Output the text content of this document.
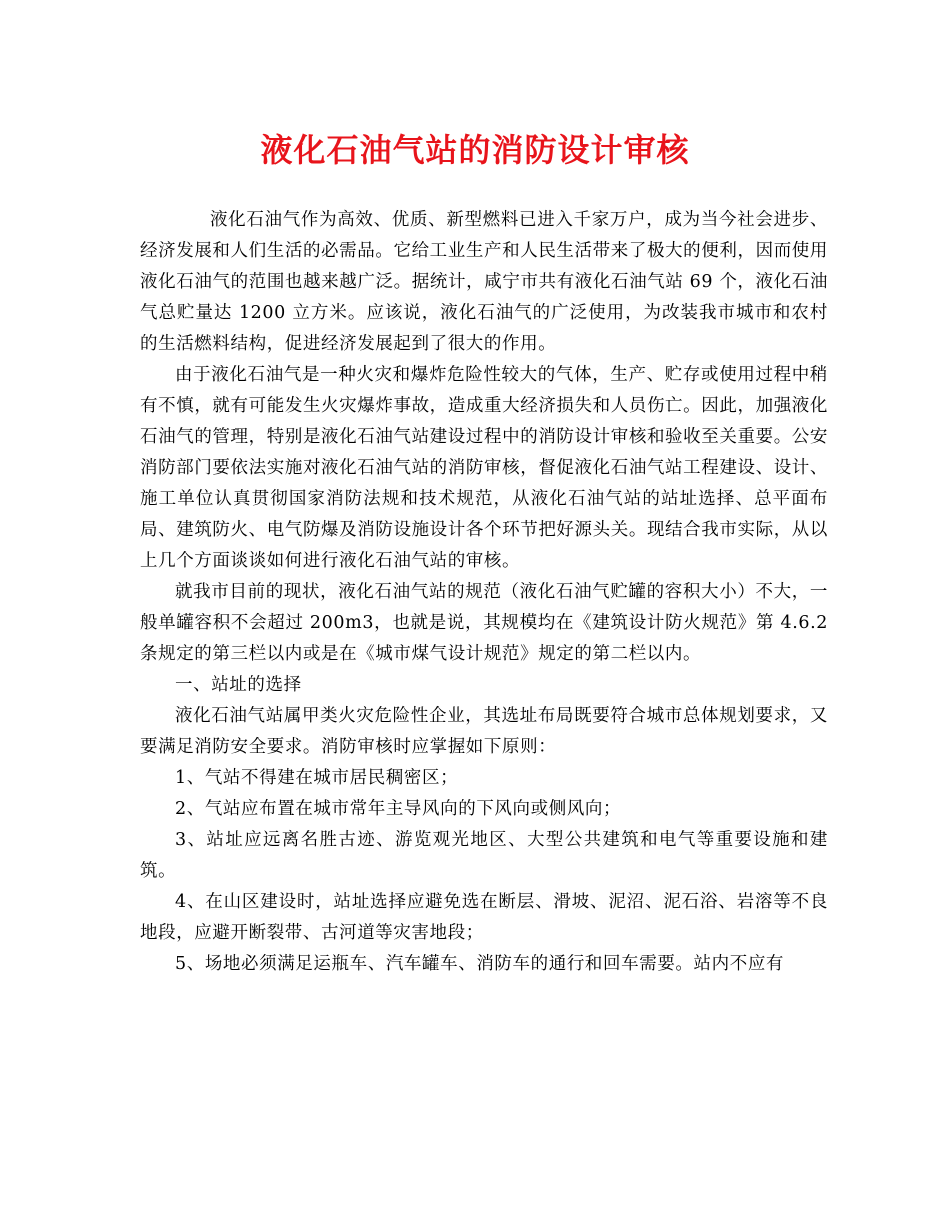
液化石油气站的消防设计审核

液化石油气作为高效、优质、新型燃料已进入千家万户，成为当今社会进步、经济发展和人们生活的必需品。它给工业生产和人民生活带来了极大的便利，因而使用液化石油气的范围也越来越广泛。据统计，咸宁市共有液化石油气站 69 个，液化石油气总贮量达 1200 立方米。应该说，液化石油气的广泛使用，为改装我市城市和农村的生活燃料结构，促进经济发展起到了很大的作用。

由于液化石油气是一种火灾和爆炸危险性较大的气体，生产、贮存或使用过程中稍有不慎，就有可能发生火灾爆炸事故，造成重大经济损失和人员伤亡。因此，加强液化石油气的管理，特别是液化石油气站建设过程中的消防设计审核和验收至关重要。公安消防部门要依法实施对液化石油气站的消防审核，督促液化石油气站工程建设、设计、施工单位认真贯彻国家消防法规和技术规范，从液化石油气站的站址选择、总平面布局、建筑防火、电气防爆及消防设施设计各个环节把好源头关。现结合我市实际，从以上几个方面谈谈如何进行液化石油气站的审核。

就我市目前的现状，液化石油气站的规范（液化石油气贮罐的容积大小）不大，一般单罐容积不会超过 200m3，也就是说，其规模均在《建筑设计防火规范》第 4.6.2 条规定的第三栏以内或是在《城市煤气设计规范》规定的第二栏以内。

一、站址的选择

液化石油气站属甲类火灾危险性企业，其选址布局既要符合城市总体规划要求，又要满足消防安全要求。消防审核时应掌握如下原则：

1、气站不得建在城市居民稠密区；

2、气站应布置在城市常年主导风向的下风向或侧风向；

3、站址应远离名胜古迹、游览观光地区、大型公共建筑和电气等重要设施和建筑。

4、在山区建设时，站址选择应避免选在断层、滑坡、泥沼、泥石浴、岩溶等不良地段，应避开断裂带、古河道等灾害地段；

5、场地必须满足运瓶车、汽车罐车、消防车的通行和回车需要。站内不应有
